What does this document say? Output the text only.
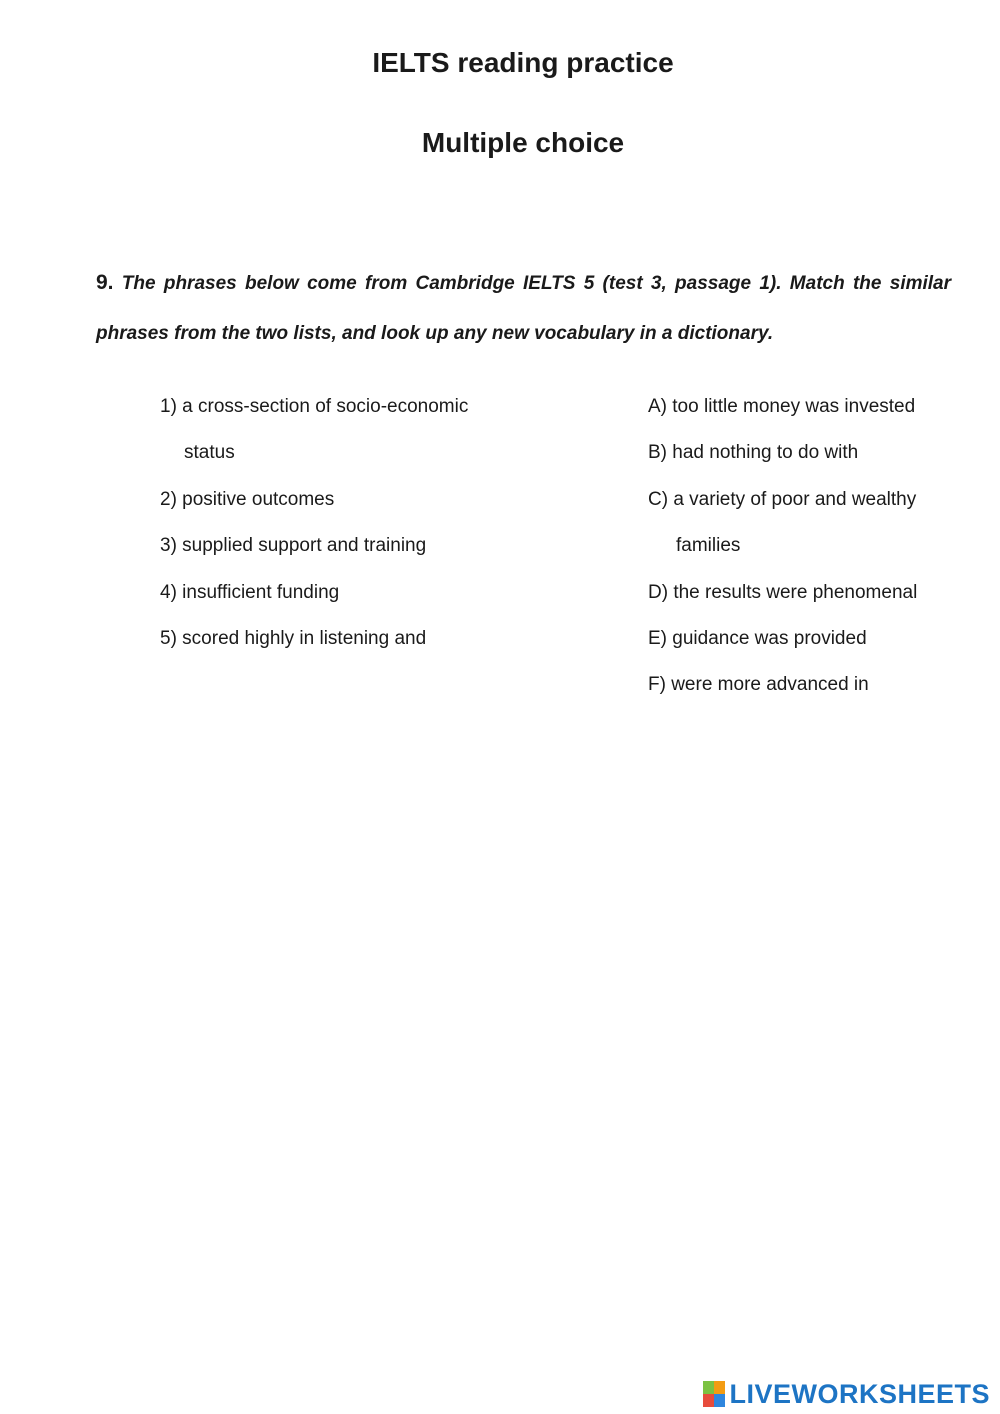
IELTS reading practice
Multiple choice

9. The phrases below come from Cambridge IELTS 5 (test 3, passage 1). Match the similar phrases from the two lists, and look up any new vocabulary in a dictionary.

1) a cross-section of socio-economic
status
2) positive outcomes
3) supplied support and training
4) insufficient funding
5) scored highly in listening and
A) too little money was invested
B) had nothing to do with
C) a variety of poor and wealthy
families
D) the results were phenomenal
E) guidance was provided
F) were more advanced in
LIVEWORKSHEETS
